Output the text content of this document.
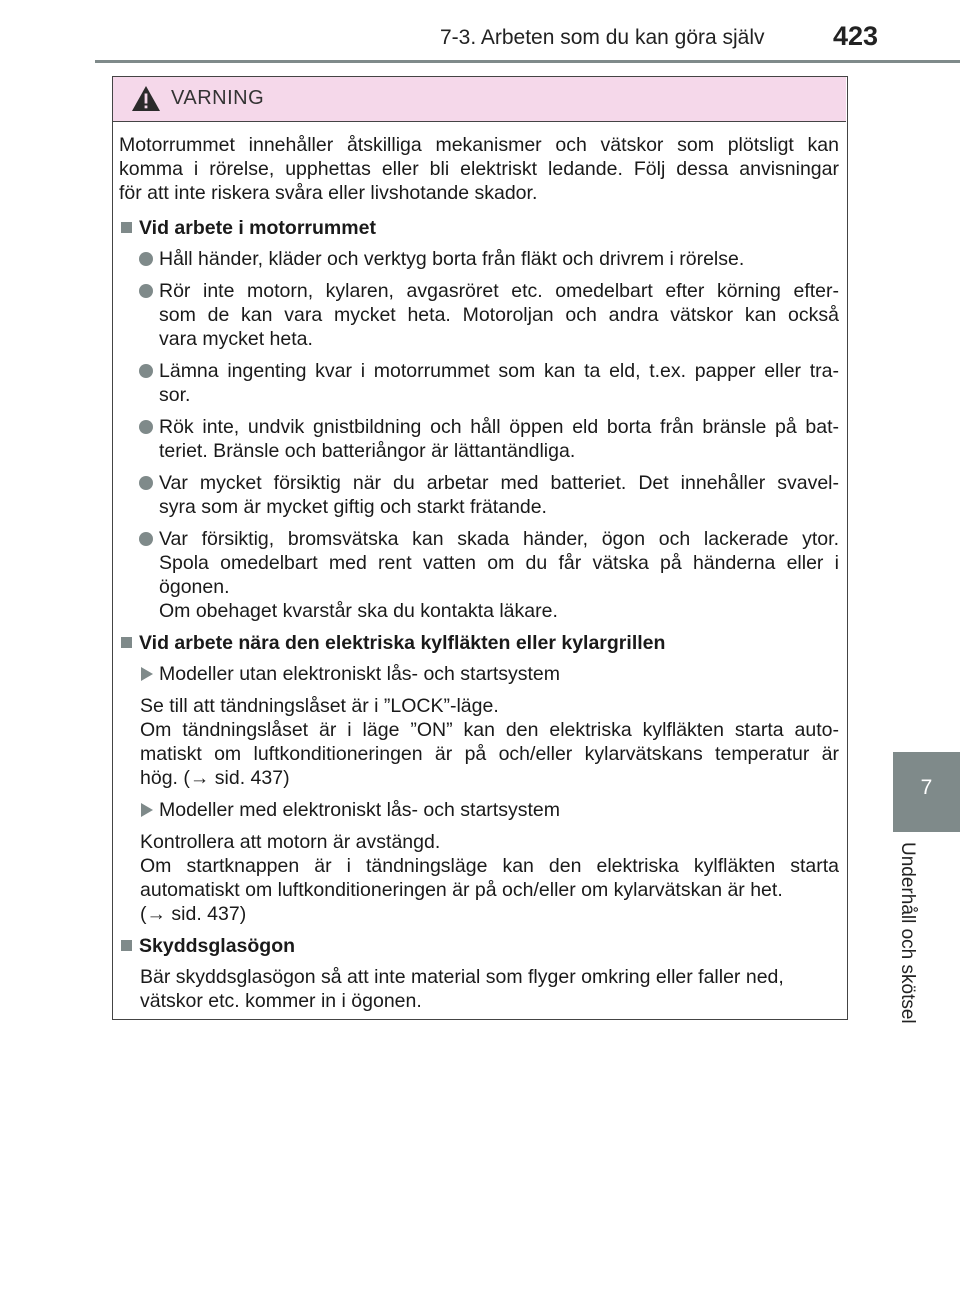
7-3. Arbeten som du kan göra själv	423
7
Underhåll och skötsel
VARNING
Motorrummet innehåller åtskilliga mekanismer och vätskor som plötsligt kan
komma i rörelse, upphettas eller bli elektriskt ledande. Följ dessa anvisningar
för att inte riskera svåra eller livshotande skador.
Vid arbete i motorrummet
Håll händer, kläder och verktyg borta från fläkt och drivrem i rörelse.
Rör inte motorn, kylaren, avgasröret etc. omedelbart efter körning efter-
som de kan vara mycket heta. Motoroljan och andra vätskor kan också
vara mycket heta.
Lämna ingenting kvar i motorrummet som kan ta eld, t.ex. papper eller tra-
sor.
Rök inte, undvik gnistbildning och håll öppen eld borta från bränsle på bat-
teriet. Bränsle och batteriångor är lättantändliga.
Var mycket försiktig när du arbetar med batteriet. Det innehåller svavel-
syra som är mycket giftig och starkt frätande.
Var försiktig, bromsvätska kan skada händer, ögon och lackerade ytor.
Spola omedelbart med rent vatten om du får vätska på händerna eller i
ögonen.
Om obehaget kvarstår ska du kontakta läkare.
Vid arbete nära den elektriska kylfläkten eller kylargrillen
Modeller utan elektroniskt lås- och startsystem
Se till att tändningslåset är i ”LOCK”-läge.
Om tändningslåset är i läge ”ON” kan den elektriska kylfläkten starta auto-
matiskt om luftkonditioneringen är på och/eller kylarvätskans temperatur är
hög. (→ sid. 437)
Modeller med elektroniskt lås- och startsystem
Kontrollera att motorn är avstängd.
Om startknappen är i tändningsläge kan den elektriska kylfläkten starta
automatiskt om luftkonditioneringen är på och/eller om kylarvätskan är het.
(→ sid. 437)
Skyddsglasögon
Bär skyddsglasögon så att inte material som flyger omkring eller faller ned,
vätskor etc. kommer in i ögonen.
